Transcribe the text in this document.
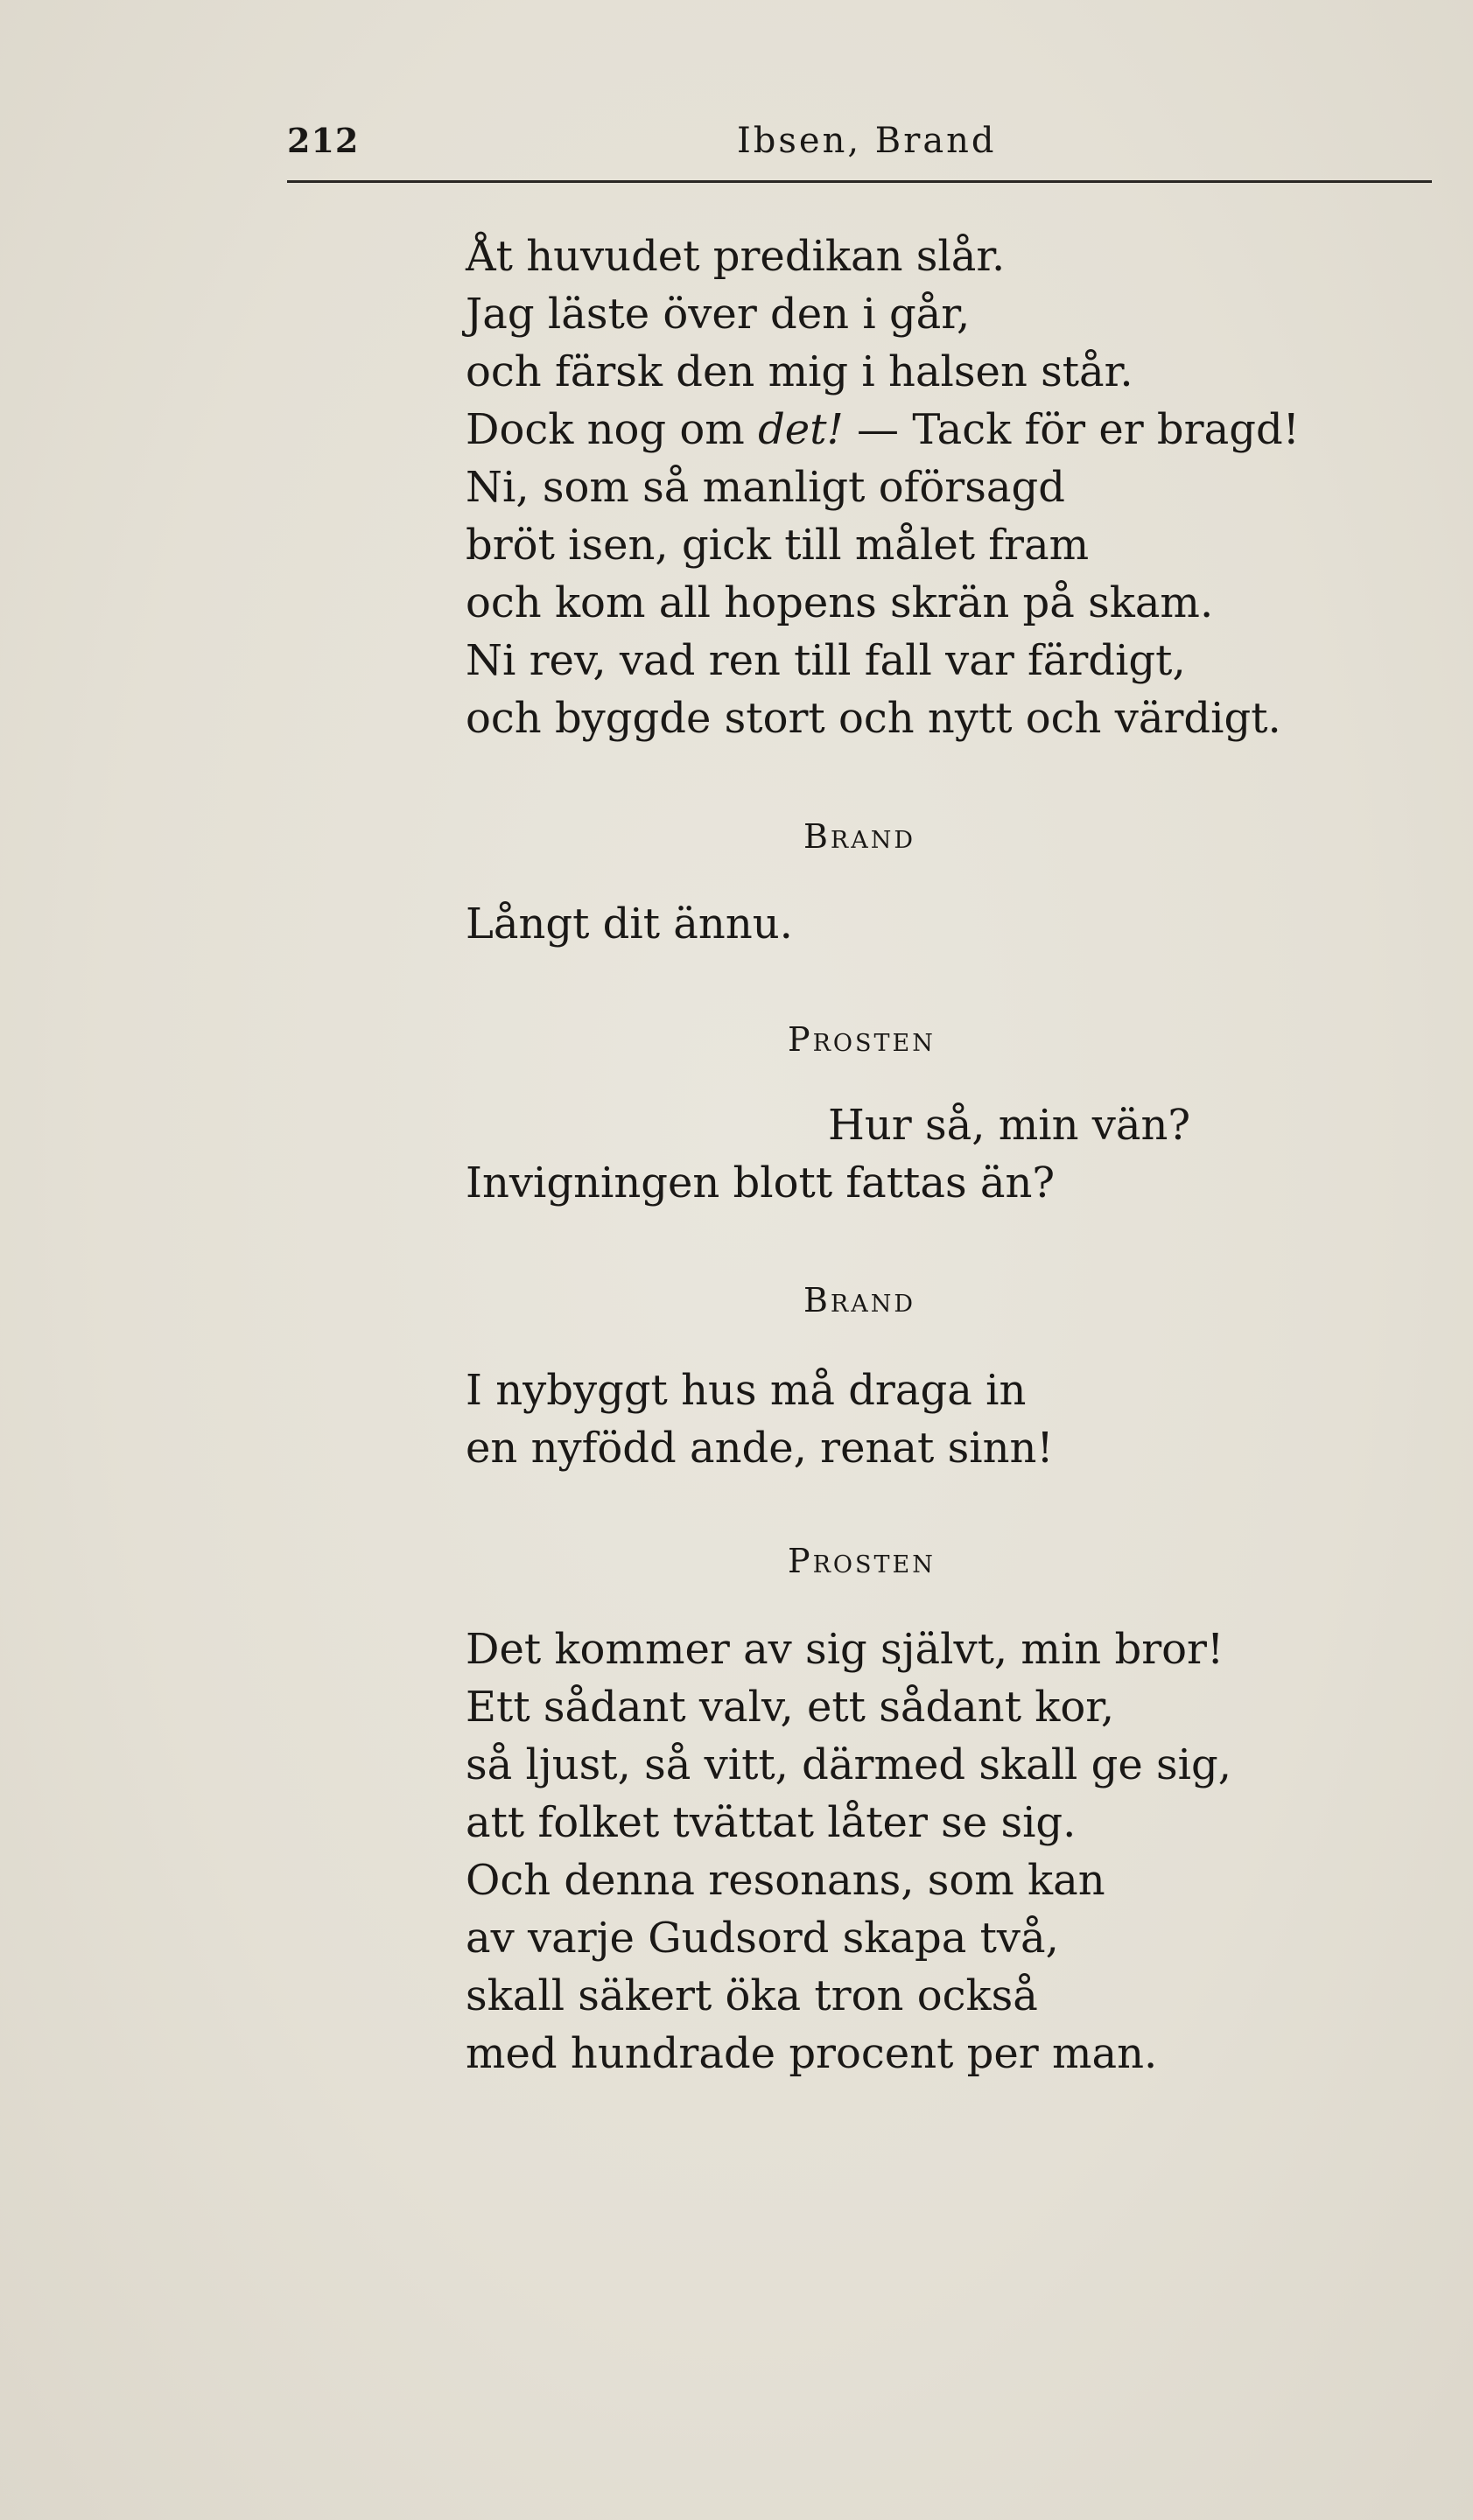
212	Ibsen, Brand
Åt huvudet predikan slår.
Jag läste över den i går,
och färsk den mig i halsen står.
Dock nog om det! — Tack för er bragd!
Ni, som så manligt oförsagd
bröt isen, gick till målet fram
och kom all hopens skrän på skam.
Ni rev, vad ren till fall var färdigt,
och byggde stort och nytt och värdigt.
Brand
Långt dit ännu.
Prosten
Hur så, min vän?
Invigningen blott fattas än?
Brand
I nybyggt hus må draga in
en nyfödd ande, renat sinn!
Prosten
Det kommer av sig självt, min bror!
Ett sådant valv, ett sådant kor,
så ljust, så vitt, därmed skall ge sig,
att folket tvättat låter se sig.
Och denna resonans, som kan
av varje Gudsord skapa två,
skall säkert öka tron också
med hundrade procent per man.
